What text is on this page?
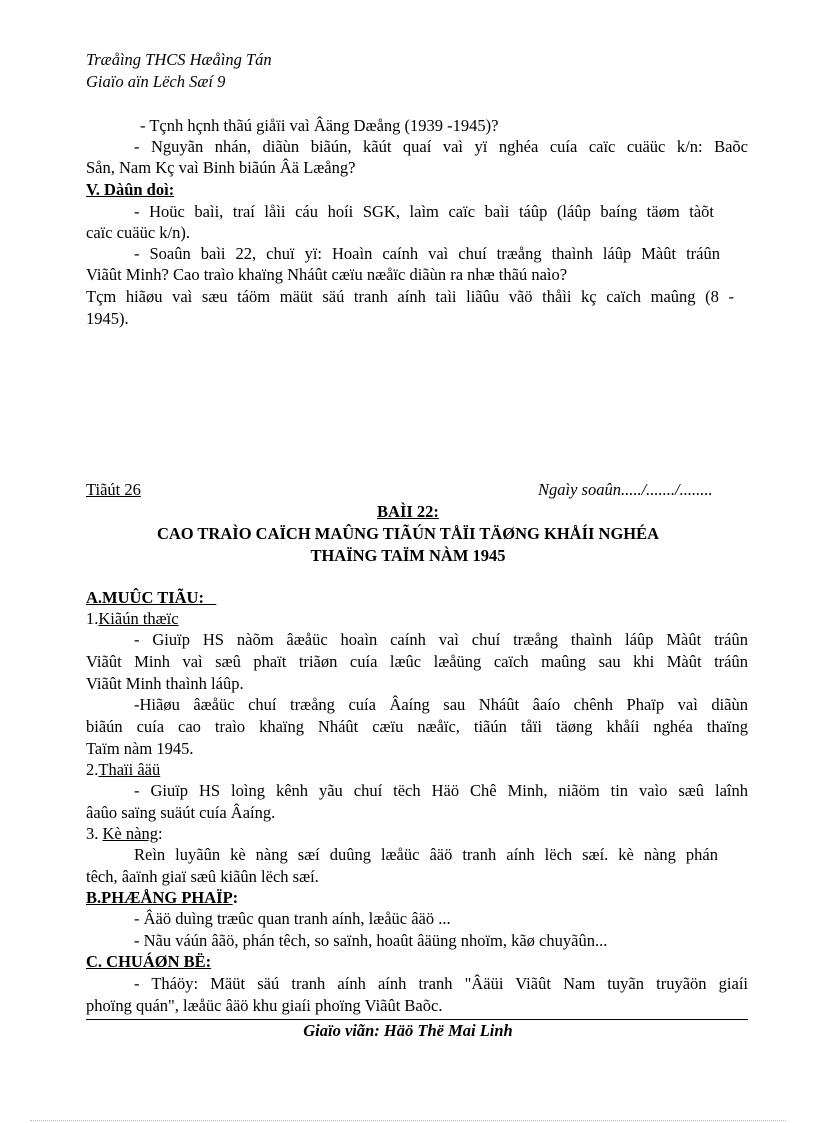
Træåìng THCS Hæåìng Tán
Giaïo aïn Lëch Sæí 9
- Tçnh hçnh thãú giåïi vaì Âäng Dæång (1939 -1945)?
- Nguyãn nhán, diãùn biãún, kãút quaí vaì yï nghéa cuía caïc cuäüc k/n: Baõc
Sån, Nam Kç vaì Binh biãún Âä Læång?
V. Dàûn doì:
- Hoüc baìi, traí låìi cáu hoíi SGK, laìm caïc baìi táûp (láûp baíng täøm tàõt
caïc cuäüc k/n).
- Soaûn baìi 22, chuï yï: Hoaìn caính vaì chuí træång thaình láûp Màût tráûn
Viãût Minh? Cao traìo khaïng Nháût cæïu næåïc diãùn ra nhæ thãú naìo?
Tçm hiãøu vaì sæu táöm mäüt säú tranh aính taìi liãûu vãö thåìi kç caïch maûng (8 -
1945).
Tiãút 26	Ngaìy soaûn...../......./........
BAÌI 22:
CAO TRAÌO CAÏCH MAÛNG TIÃÚN TÅÏI TÄØNG KHÅÍI NGHÉA
THAÏNG TAÏM NÀM 1945
A.MUÛC TIÃU:
1.Kiãún thæïc
- Giuïp HS nàõm âæåüc hoaìn caính vaì chuí træång thaình láûp Màût tráûn
Viãût Minh vaì sæû phaït triãøn cuía læûc læåüng caïch maûng sau khi Màût tráûn
Viãût Minh thaình láûp.
-Hiãøu âæåüc chuí træång cuía Âaíng sau Nháût âaío chênh Phaïp vaì diãùn
biãún cuía cao traìo khaïng Nháût cæïu næåïc, tiãún tåïi täøng khåíi nghéa thaïng
Taïm nàm 1945.
2.Thaïi âäü
- Giuïp HS loìng kênh yãu chuí tëch Häö Chê Minh, niãöm tin vaìo sæû laînh
âaûo saïng suäút cuía Âaíng.
3. Kè nàng:
Reìn luyãûn kè nàng sæí duûng læåüc âäö tranh aính lëch sæí. kè nàng phán
têch, âaïnh giaï sæû kiãûn lëch sæí.
B.PHÆÅNG PHAÏP:
- Âäö duìng træûc quan tranh aính, læåüc âäö ...
- Nãu váún âãö, phán têch, so saïnh, hoaût âäüng nhoïm, kãø chuyãûn...
C. CHUÁØN BË:
- Tháöy: Mäüt säú tranh aính aính tranh "Âäüi Viãût Nam tuyãn truyãön giaíi
phoïng quán", læåüc âäö khu giaíi phoïng Viãût Baõc.
Giaïo viãn: Häö Thë Mai Linh
